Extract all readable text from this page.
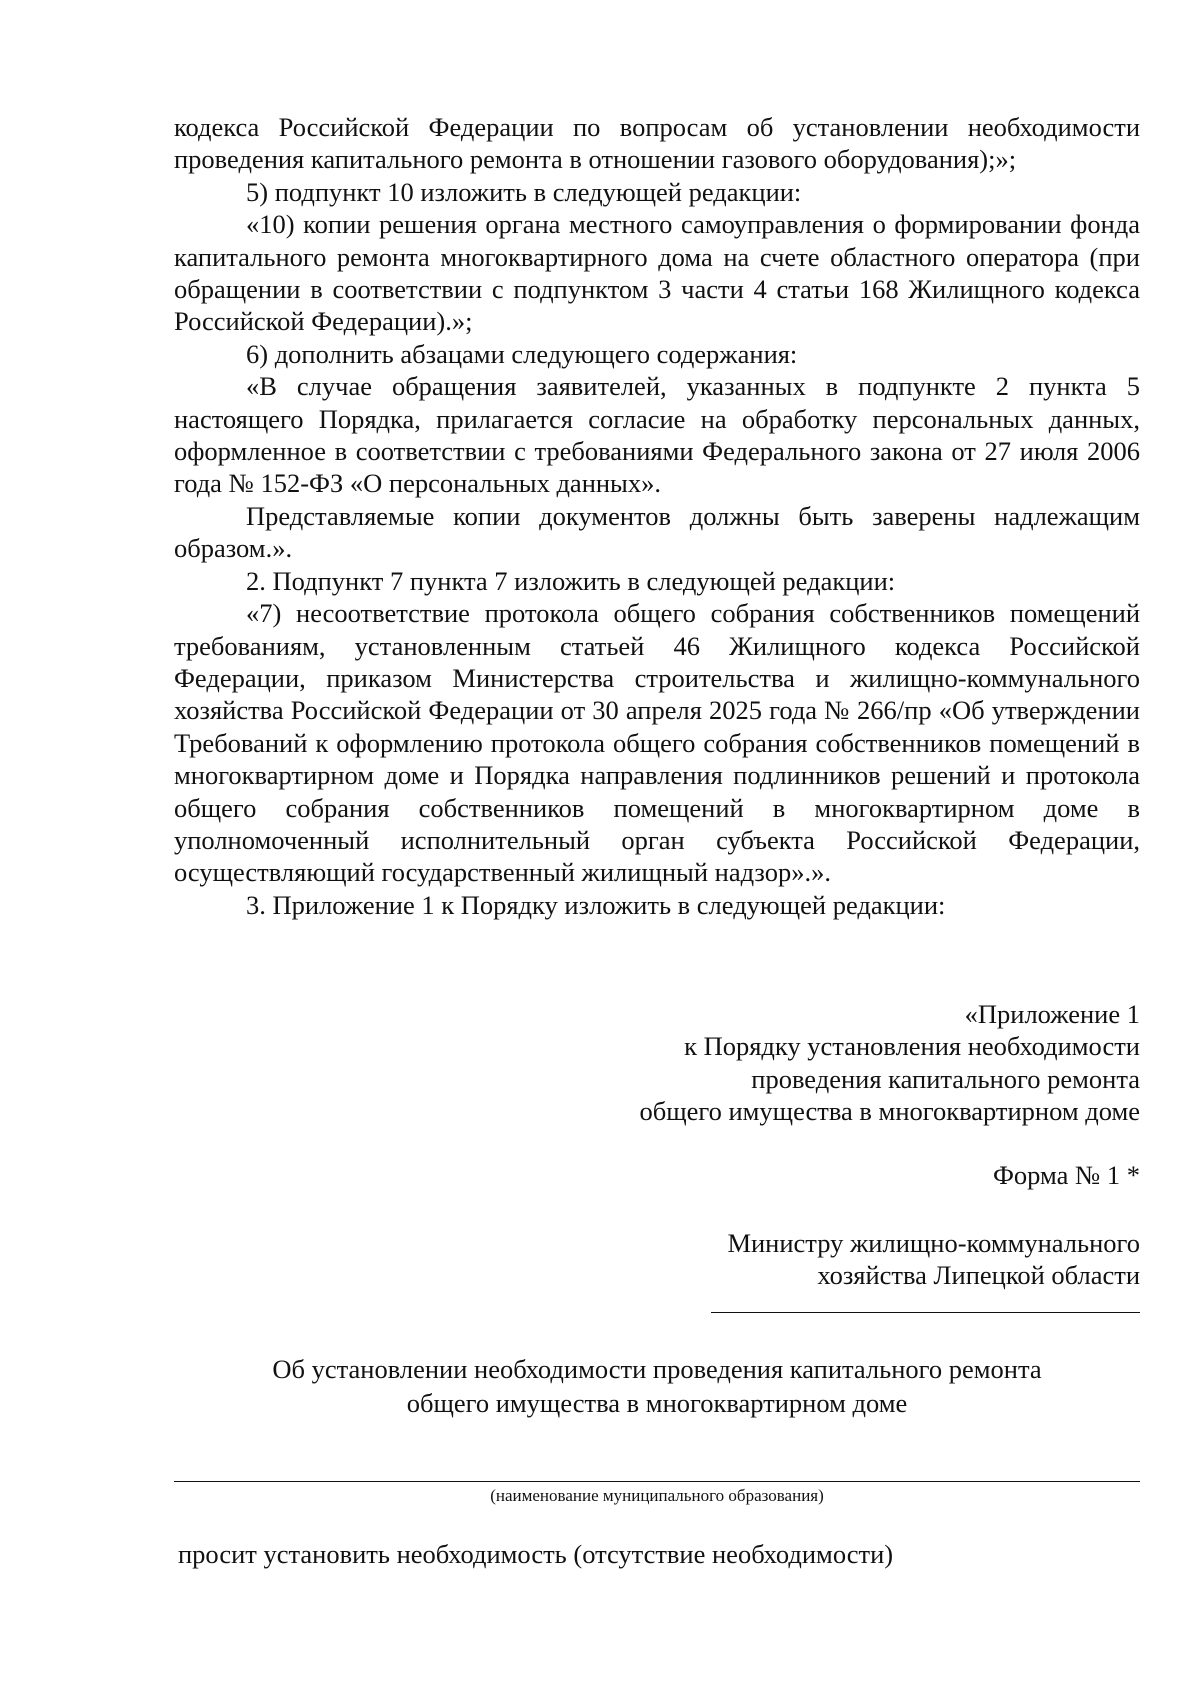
кодекса Российской Федерации по вопросам об установлении необходимости проведения капитального ремонта в отношении газового оборудования);»;

5) подпункт 10 изложить в следующей редакции:

«10) копии решения органа местного самоуправления о формировании фонда капитального ремонта многоквартирного дома на счете областного оператора (при обращении в соответствии с подпунктом 3 части 4 статьи 168 Жилищного кодекса Российской Федерации).»;

6) дополнить абзацами следующего содержания:

«В случае обращения заявителей, указанных в подпункте 2 пункта 5 настоящего Порядка, прилагается согласие на обработку персональных данных, оформленное в соответствии с требованиями Федерального закона от 27 июля 2006 года № 152-ФЗ «О персональных данных».

Представляемые копии документов должны быть заверены надлежащим образом.».

2. Подпункт 7 пункта 7 изложить в следующей редакции:

«7) несоответствие протокола общего собрания собственников помещений требованиям, установленным статьей 46 Жилищного кодекса Российской Федерации, приказом Министерства строительства и жилищно-коммунального хозяйства Российской Федерации от 30 апреля 2025 года № 266/пр «Об утверждении Требований к оформлению протокола общего собрания собственников помещений в многоквартирном доме и Порядка направления подлинников решений и протокола общего собрания собственников помещений в многоквартирном доме в уполномоченный исполнительный орган субъекта Российской Федерации, осуществляющий государственный жилищный надзор».».

3. Приложение 1 к Порядку изложить в следующей редакции:

«Приложение 1
к Порядку установления необходимости
проведения капитального ремонта
общего имущества в многоквартирном доме
Форма № 1 *
Министру жилищно-коммунального
хозяйства Липецкой области
Об установлении необходимости проведения капитального ремонта
общего имущества в многоквартирном доме
(наименование муниципального образования)
просит установить необходимость (отсутствие необходимости)
